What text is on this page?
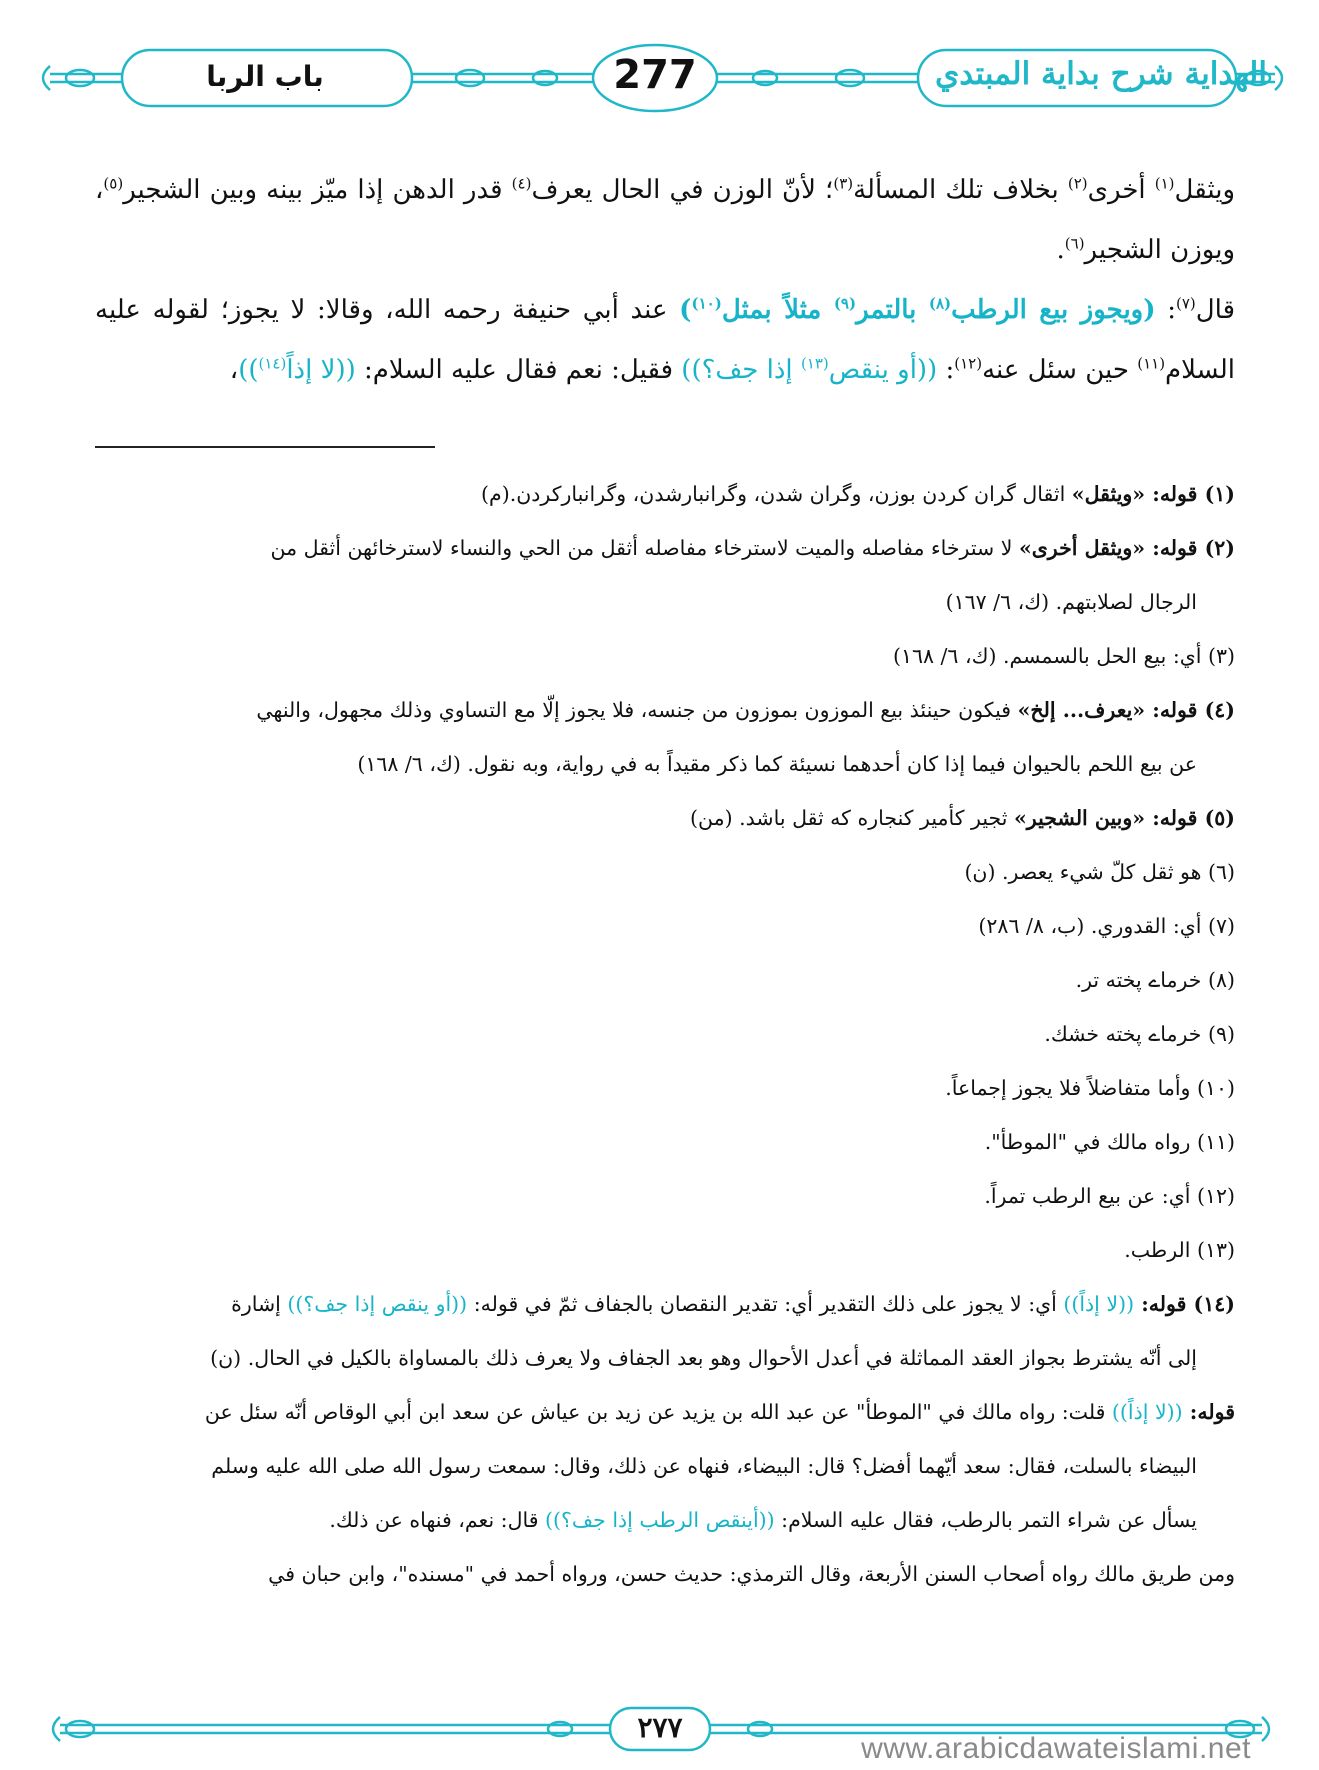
باب الربا	277	الهداية شرح بداية المبتدي
ويثقل$^{(١)}$ أخرى$^{(٢)}$ بخلاف تلك المسألة$^{(٣)}$؛ لأنّ الوزن في الحال يعرف$^{(٤)}$ قدر الدهن إذا ميّز بينه وبين الشجير$^{(٥)}$، ويوزن الشجير$^{(٦)}$.
قال$^{(٧)}$: (ويجوز بيع الرطب$^{(٨)}$ بالتمر$^{(٩)}$ مثلاً بمثل$^{(١٠)}$) عند أبي حنيفة رحمه الله، وقالا: لا يجوز؛ لقوله عليه السلام$^{(١١)}$ حين سئل عنه$^{(١٢)}$: ((أو ينقص$^{(١٣)}$ إذا جف؟)) فقيل: نعم فقال عليه السلام: ((لا إذاً$^{(١٤)}$))،
(١) قوله: «ويثقل» اثقال گران كردن بوزن، وگران شدن، وگرانبارشدن، وگرانباركردن.(م)
(٢) قوله: «ويثقل أخرى» لا سترخاء مفاصله والميت لاسترخاء مفاصله أثقل من الحي والنساء لاسترخائهن أثقل من
الرجال لصلابتهم. (ك، ٦/ ١٦٧)
(٣) أي: بيع الحل بالسمسم. (ك، ٦/ ١٦٨)
(٤) قوله: «يعرف... إلخ» فيكون حينئذ بيع الموزون بموزون من جنسه، فلا يجوز إلّا مع التساوي وذلك مجهول، والنهي
عن بيع اللحم بالحيوان فيما إذا كان أحدهما نسيئة كما ذكر مقيداً به في رواية، وبه نقول. (ك، ٦/ ١٦٨)
(٥) قوله: «وبين الشجير» ثجير كأمير كنجاره كه ثقل باشد. (من)
(٦) هو ثقل كلّ شيء يعصر. (ن)
(٧) أي: القدوري. (ب، ٨/ ٢٨٦)
(٨) خرماے پخته تر.
(٩) خرماے پخته خشك.
(١٠) وأما متفاضلاً فلا يجوز إجماعاً.
(١١) رواه مالك في "الموطأ".
(١٢) أي: عن بيع الرطب تمراً.
(١٣) الرطب.
(١٤) قوله: ((لا إذاً)) أي: لا يجوز على ذلك التقدير أي: تقدير النقصان بالجفاف ثمّ في قوله: ((أو ينقص إذا جف؟)) إشارة
إلى أنّه يشترط بجواز العقد المماثلة في أعدل الأحوال وهو بعد الجفاف ولا يعرف ذلك بالمساواة بالكيل في الحال. (ن)
قوله: ((لا إذاً)) قلت: رواه مالك في "الموطأ" عن عبد الله بن يزيد عن زيد بن عياش عن سعد ابن أبي الوقاص أنّه سئل عن
البيضاء بالسلت، فقال: سعد أيّهما أفضل؟ قال: البيضاء، فنهاه عن ذلك، وقال: سمعت رسول الله صلى الله عليه وسلم
يسأل عن شراء التمر بالرطب، فقال عليه السلام: ((أينقص الرطب إذا جف؟)) قال: نعم، فنهاه عن ذلك.
ومن طريق مالك رواه أصحاب السنن الأربعة، وقال الترمذي: حديث حسن، ورواه أحمد في "مسنده"، وابن حبان في
٢٧٧
www.arabicdawateislami.net
